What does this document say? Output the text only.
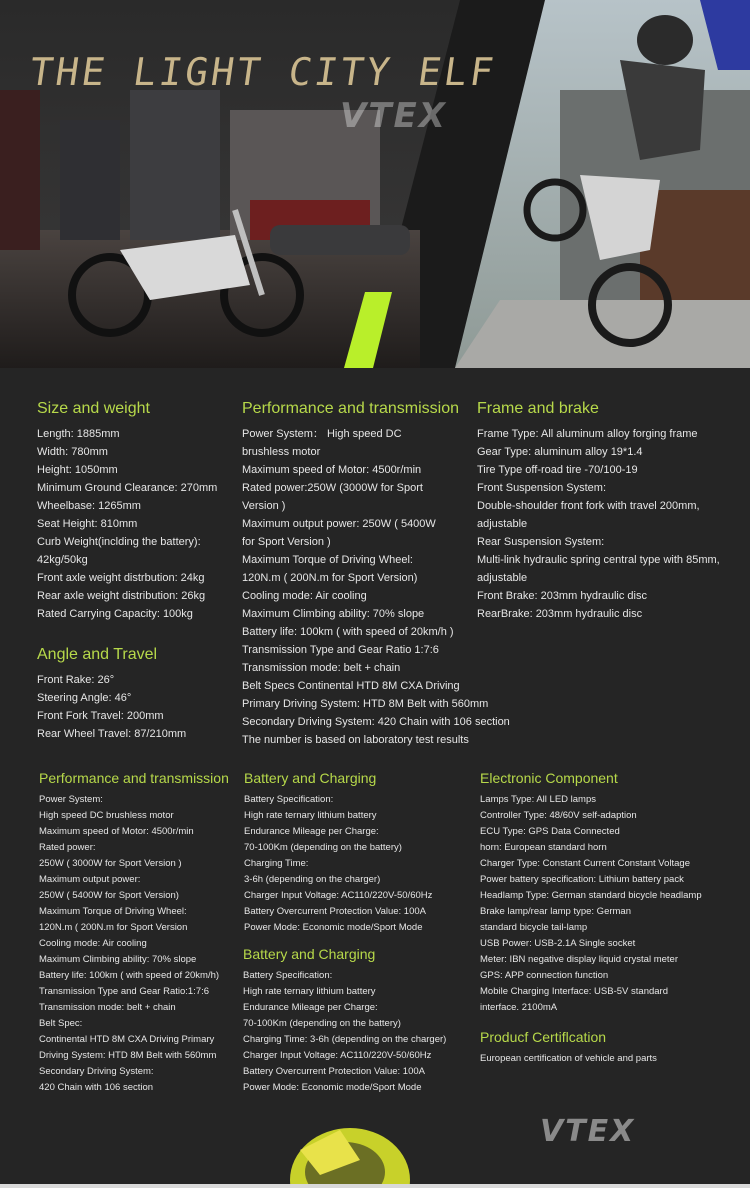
THE LIGHT CITY ELF
VTEX
Size and weight
Length: 1885mm
Width: 780mm
Height: 1050mm
Minimum Ground Clearance: 270mm
Wheelbase: 1265mm
Seat Height: 810mm
Curb Weight(inclding the battery):
42kg/50kg
Front axle weight distrbution: 24kg
Rear axle weight distribution: 26kg
Rated Carrying Capacity: 100kg
Angle and Travel
Front Rake: 26°
Steering Angle: 46°
Front Fork Travel: 200mm
Rear Wheel Travel: 87/210mm
Performance and transmission
Power System： High speed DC
brushless motor
Maximum speed of Motor: 4500r/min
Rated power:250W (3000W for Sport
Version )
Maximum output power: 250W ( 5400W
for Sport Version )
Maximum Torque of Driving Wheel:
120N.m ( 200N.m for Sport Version)
Cooling mode: Air cooling
Maximum Climbing ability: 70% slope
Battery life: 100km ( with speed of 20km/h )
Transmission Type and Gear Ratio 1:7:6
Transmission mode: belt + chain
Belt Specs Continental HTD 8M CXA Driving
Primary Driving System: HTD 8M Belt with 560mm
Secondary Driving System: 420 Chain with 106 section
The number is based on laboratory test results
Frame and brake
Frame Type: All aluminum alloy forging frame
Gear Type: aluminum alloy 19*1.4
Tire Type off-road tire -70/100-19
Front Suspension System:
Double-shoulder front fork with travel 200mm,
adjustable
Rear Suspension System:
Multi-link hydraulic spring central type with 85mm,
adjustable
Front Brake: 203mm hydraulic disc
RearBrake: 203mm hydraulic disc
Performance and transmission
Power System:
High speed DC brushless motor
Maximum speed of Motor: 4500r/min
Rated power:
250W ( 3000W for Sport Version )
Maximum output power:
250W ( 5400W for Sport Version)
Maximum Torque of Driving Wheel:
120N.m ( 200N.m for Sport Version
Cooling mode: Air cooling
Maximum Climbing ability: 70% slope
Battery life: 100km ( with speed of 20km/h)
Transmission Type and Gear Ratio:1:7:6
Transmission mode: belt + chain
Belt Spec:
Continental HTD 8M CXA Driving Primary
Driving System: HTD 8M Belt with 560mm
Secondary Driving System:
420 Chain with 106 section
Battery and Charging
Battery Specification:
High rate ternary lithium battery
Endurance Mileage per Charge:
70-100Km (depending on the battery)
Charging Time:
3-6h (depending on the charger)
Charger Input Voltage: AC110/220V-50/60Hz
Battery Overcurrent Protection Value: 100A
Power Mode: Economic mode/Sport Mode
Battery and Charging
Battery Specification:
High rate ternary lithium battery
Endurance Mileage per Charge:
70-100Km (depending on the battery)
Charging Time: 3-6h (depending on the charger)
Charger Input Voltage: AC110/220V-50/60Hz
Battery Overcurrent Protection Value: 100A
Power Mode: Economic mode/Sport Mode
Electronic Component
Lamps Type: All LED lamps
Controller Type: 48/60V self-adaption
ECU Type: GPS Data Connected
horn: European standard horn
Charger Type: Constant Current Constant Voltage
Power battery specification: Lithium battery pack
Headlamp Type: German standard bicycle headlamp
Brake lamp/rear lamp type: German
standard bicycle tail-lamp
USB Power: USB-2.1A Single socket
Meter: IBN negative display liquid crystal meter
GPS: APP connection function
Mobile Charging Interface: USB-5V standard
interface. 2100mA
Producf Certiflcation
European certification of vehicle and parts
VTEX
